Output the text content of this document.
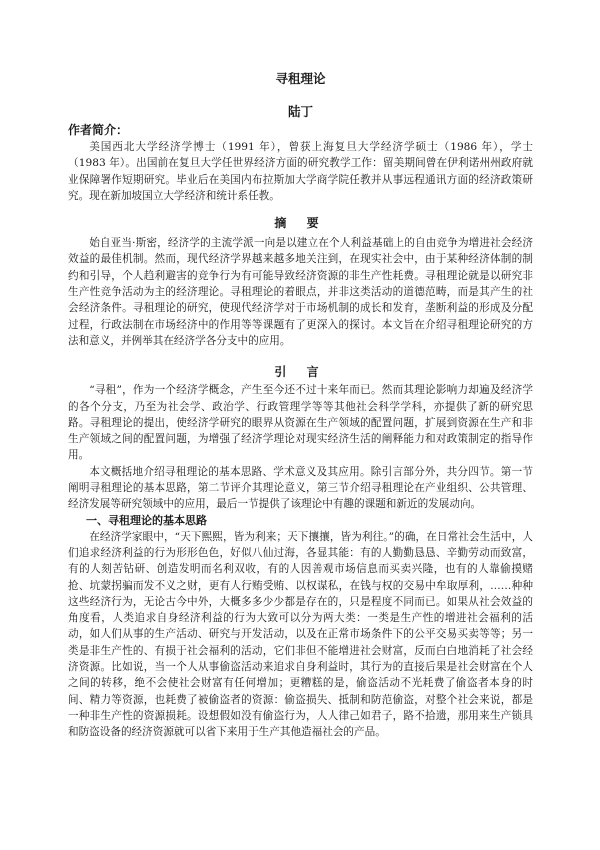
寻租理论
陆丁
作者简介：

美国西北大学经济学博士（1991 年），曾获上海复旦大学经济学硕士（1986 年），学士（1983 年）。出国前在复旦大学任世界经济方面的研究教学工作：留美期间曾在伊利诺州州政府就业保障署作短期研究。毕业后在美国内布拉斯加大学商学院任教并从事远程通讯方面的经济政策研究。现在新加坡国立大学经济和统计系任教。

摘 要

始自亚当·斯密，经济学的主流学派一向是以建立在个人利益基础上的自由竞争为增进社会经济效益的最佳机制。然而，现代经济学界越来越多地关注到，在现实社会中，由于某种经济体制的制约和引导，个人趋利避害的竞争行为有可能导致经济资源的非生产性耗费。寻租理论就是以研究非生产性竞争活动为主的经济理论。寻租理论的着眼点，并非这类活动的道德范畴，而是其产生的社会经济条件。寻租理论的研究，使现代经济学对于市场机制的成长和发育，垄断利益的形成及分配过程，行政法制在市场经济中的作用等等课题有了更深入的探讨。本文旨在介绍寻租理论研究的方法和意义，并例举其在经济学各分支中的应用。

引 言

“寻租”，作为一个经济学概念，产生至今还不过十来年而已。然而其理论影响力却遍及经济学的各个分支，乃至为社会学、政治学、行政管理学等等其他社会科学学科，亦提供了新的研究思路。寻租理论的提出，使经济学研究的眼界从资源在生产领域的配置问题，扩展到资源在生产和非生产领域之间的配置问题，为增强了经济学理论对现实经济生活的阐释能力和对政策制定的指导作用。

本文概括地介绍寻租理论的基本思路、学术意义及其应用。除引言部分外，共分四节。第一节阐明寻租理论的基本思路，第二节评介其理论意义，第三节介绍寻租理论在产业组织、公共管理、经济发展等研究领域中的应用，最后一节提供了该理论中有趣的课题和新近的发展动向。

一、寻租理论的基本思路

在经济学家眼中，“天下熙熙，皆为利来；天下攘攘，皆为利往。”的确，在日常社会生活中，人们追求经济利益的行为形形色色，好似八仙过海，各显其能：有的人勤勤恳恳、辛勤劳动而致富，有的人刻苦钻研、创造发明而名利双收，有的人因善观市场信息而买卖兴隆，也有的人靠偷摸赌抢、坑蒙拐骗而发不义之财，更有人行贿受贿、以权谋私，在钱与权的交易中牟取厚利，……种种这些经济行为，无论古今中外，大概多多少少都是存在的，只是程度不同而已。如果从社会效益的角度看，人类追求自身经济利益的行为大致可以分为两大类：一类是生产性的增进社会福利的活动，如人们从事的生产活动、研究与开发活动，以及在正常市场条件下的公平交易买卖等等；另一类是非生产性的、有损于社会福利的活动，它们非但不能增进社会财富，反而白白地消耗了社会经济资源。比如说，当一个人从事偷盗活动来追求自身利益时，其行为的直接后果是社会财富在个人之间的转移，绝不会使社会财富有任何增加；更糟糕的是，偷盗活动不光耗费了偷盗者本身的时间、精力等资源，也耗费了被偷盗者的资源：偷盗损失、抵制和防范偷盗，对整个社会来说，都是一种非生产性的资源损耗。设想假如没有偷盗行为，人人律己如君子，路不拾遗，那用来生产锁具和防盗设备的经济资源就可以省下来用于生产其他造福社会的产品。
